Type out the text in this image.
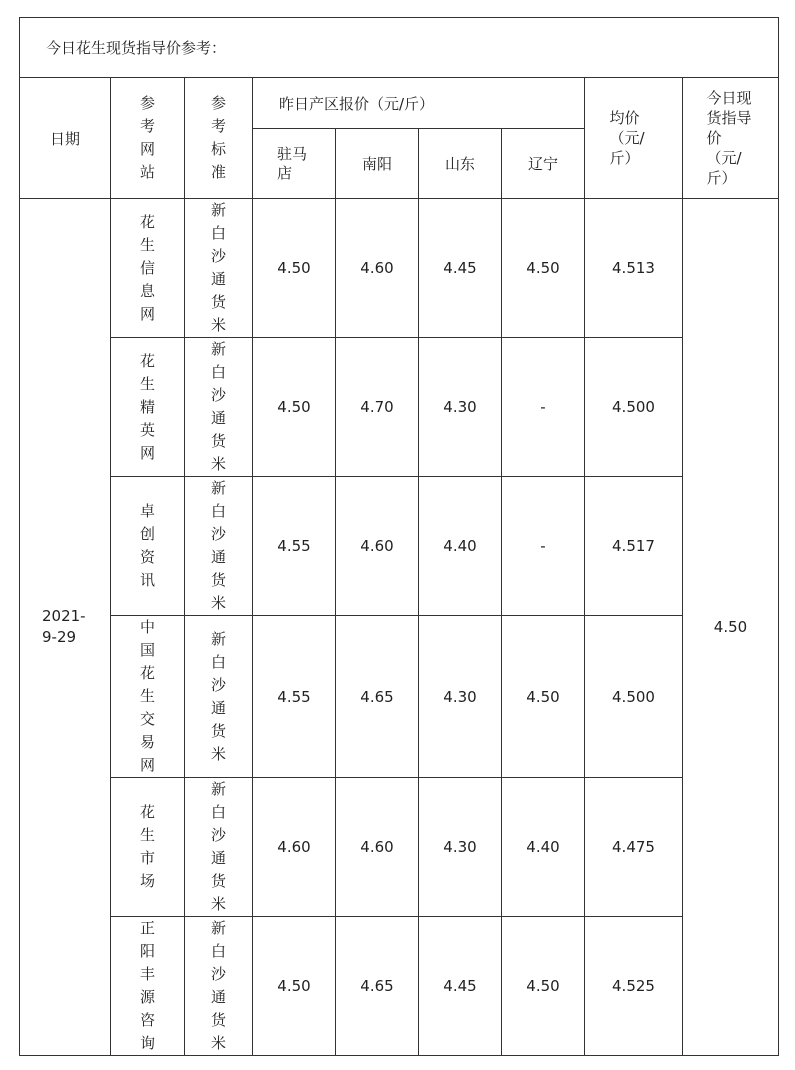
今日花生现货指导价参考：								
日期	参考网站	参考标准	昨日产区报价（元/斤）				均价（元/斤）	今日现货指导价（元/斤）
			驻马店	南阳	山东	辽宁		
2021-9-29	花生信息网	新白沙通货米	4.50	4.60	4.45	4.50	4.513	4.50
	花生精英网	新白沙通货米	4.50	4.70	4.30	-	4.500	
	卓创资讯	新白沙通货米	4.55	4.60	4.40	-	4.517	
	中国花生交易网	新白沙通货米	4.55	4.65	4.30	4.50	4.500	
	花生市场	新白沙通货米	4.60	4.60	4.30	4.40	4.475	
	正阳丰源咨询	新白沙通货米	4.50	4.65	4.45	4.50	4.525	
